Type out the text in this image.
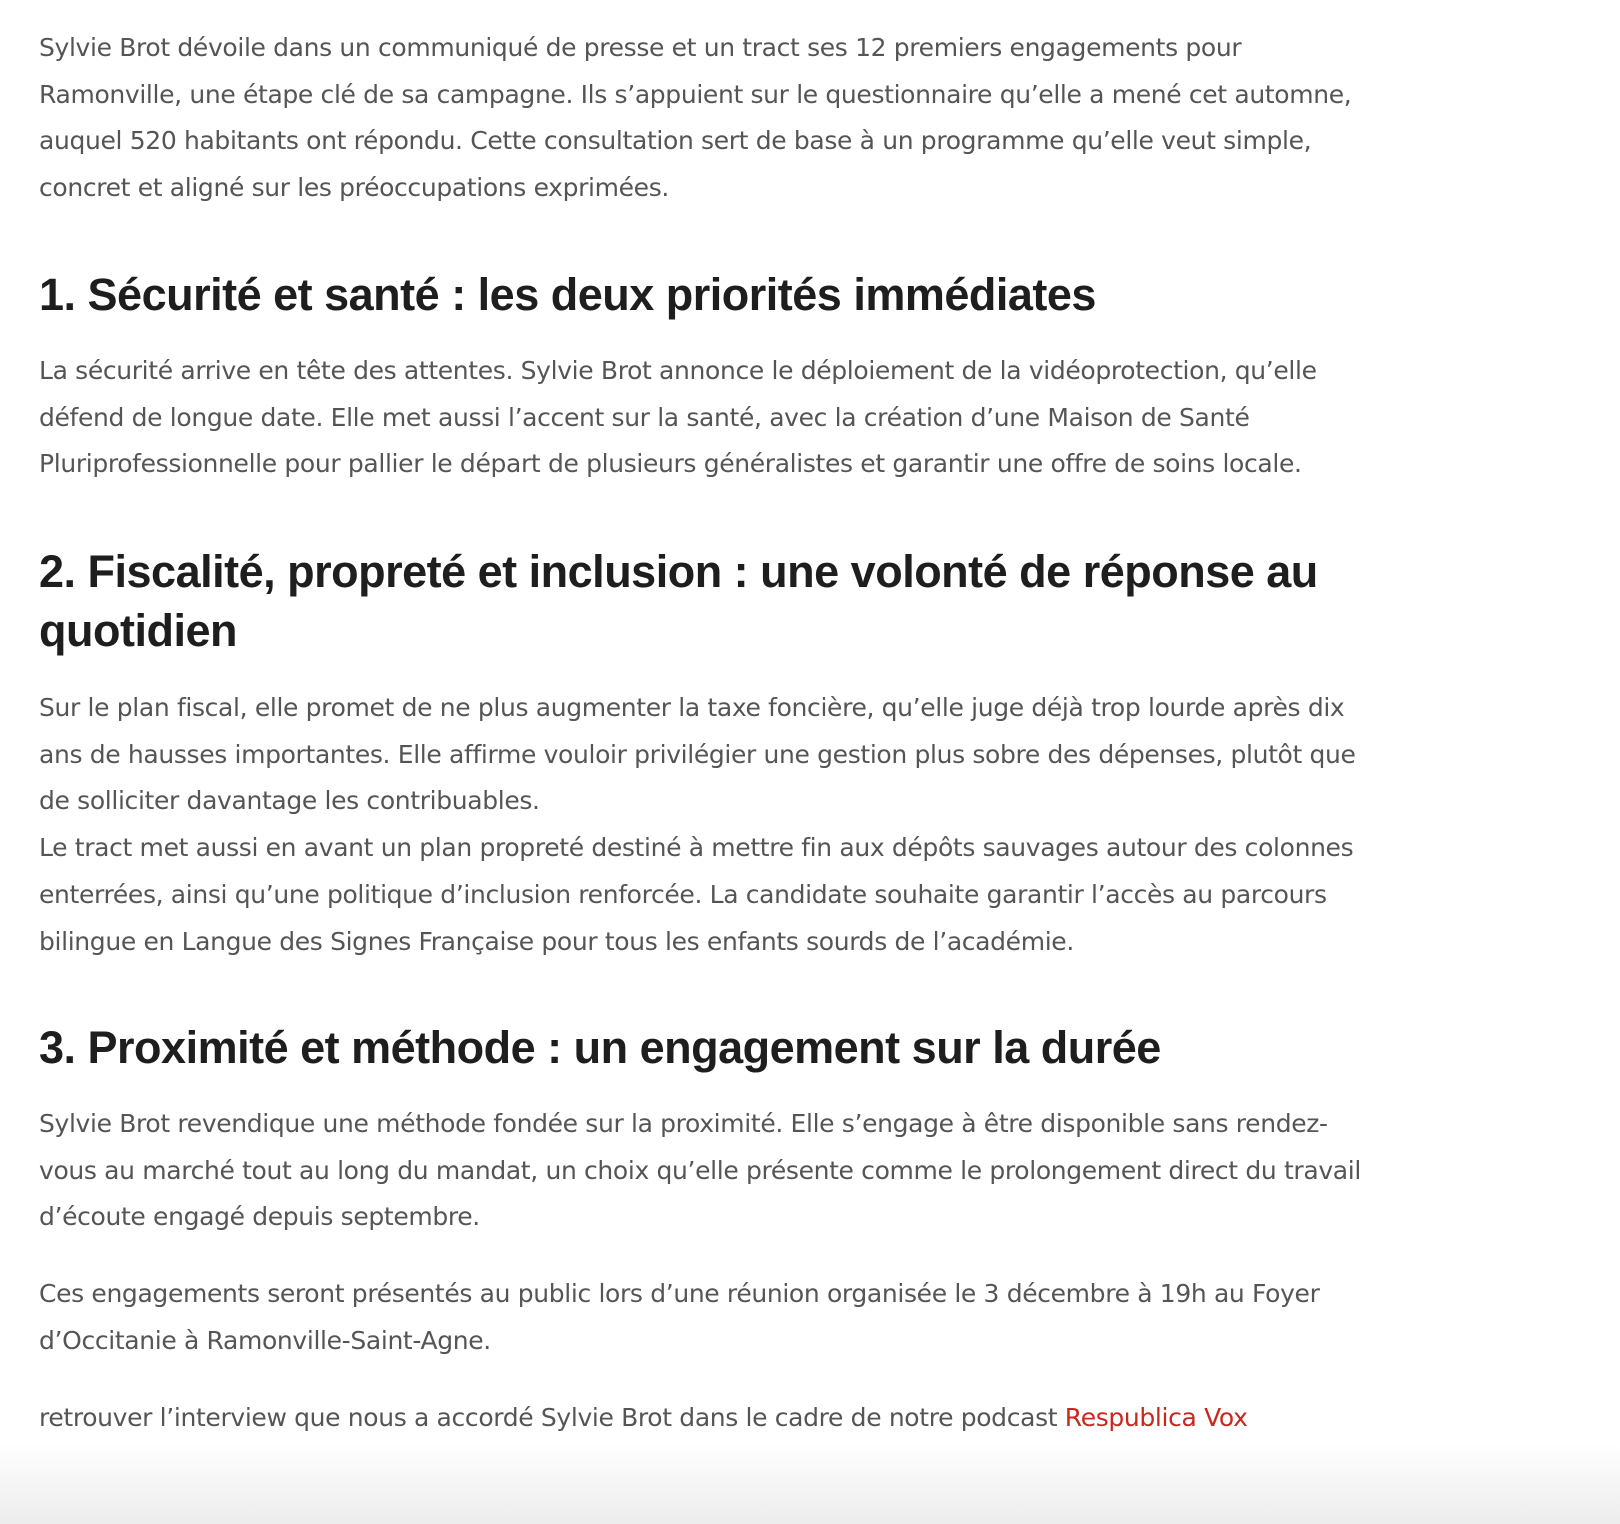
Sylvie Brot dévoile dans un communiqué de presse et un tract ses 12 premiers engagements pour
Ramonville, une étape clé de sa campagne. Ils s’appuient sur le questionnaire qu’elle a mené cet automne,
auquel 520 habitants ont répondu. Cette consultation sert de base à un programme qu’elle veut simple,
concret et aligné sur les préoccupations exprimées.

1. Sécurité et santé : les deux priorités immédiates

La sécurité arrive en tête des attentes. Sylvie Brot annonce le déploiement de la vidéoprotection, qu’elle
défend de longue date. Elle met aussi l’accent sur la santé, avec la création d’une Maison de Santé
Pluriprofessionnelle pour pallier le départ de plusieurs généralistes et garantir une offre de soins locale.

2. Fiscalité, propreté et inclusion : une volonté de réponse au
quotidien

Sur le plan fiscal, elle promet de ne plus augmenter la taxe foncière, qu’elle juge déjà trop lourde après dix
ans de hausses importantes. Elle affirme vouloir privilégier une gestion plus sobre des dépenses, plutôt que
de solliciter davantage les contribuables.
Le tract met aussi en avant un plan propreté destiné à mettre fin aux dépôts sauvages autour des colonnes
enterrées, ainsi qu’une politique d’inclusion renforcée. La candidate souhaite garantir l’accès au parcours
bilingue en Langue des Signes Française pour tous les enfants sourds de l’académie.

3. Proximité et méthode : un engagement sur la durée

Sylvie Brot revendique une méthode fondée sur la proximité. Elle s’engage à être disponible sans rendez-
vous au marché tout au long du mandat, un choix qu’elle présente comme le prolongement direct du travail
d’écoute engagé depuis septembre.

Ces engagements seront présentés au public lors d’une réunion organisée le 3 décembre à 19h au Foyer
d’Occitanie à Ramonville-Saint-Agne.

retrouver l’interview que nous a accordé Sylvie Brot dans le cadre de notre podcast Respublica Vox
